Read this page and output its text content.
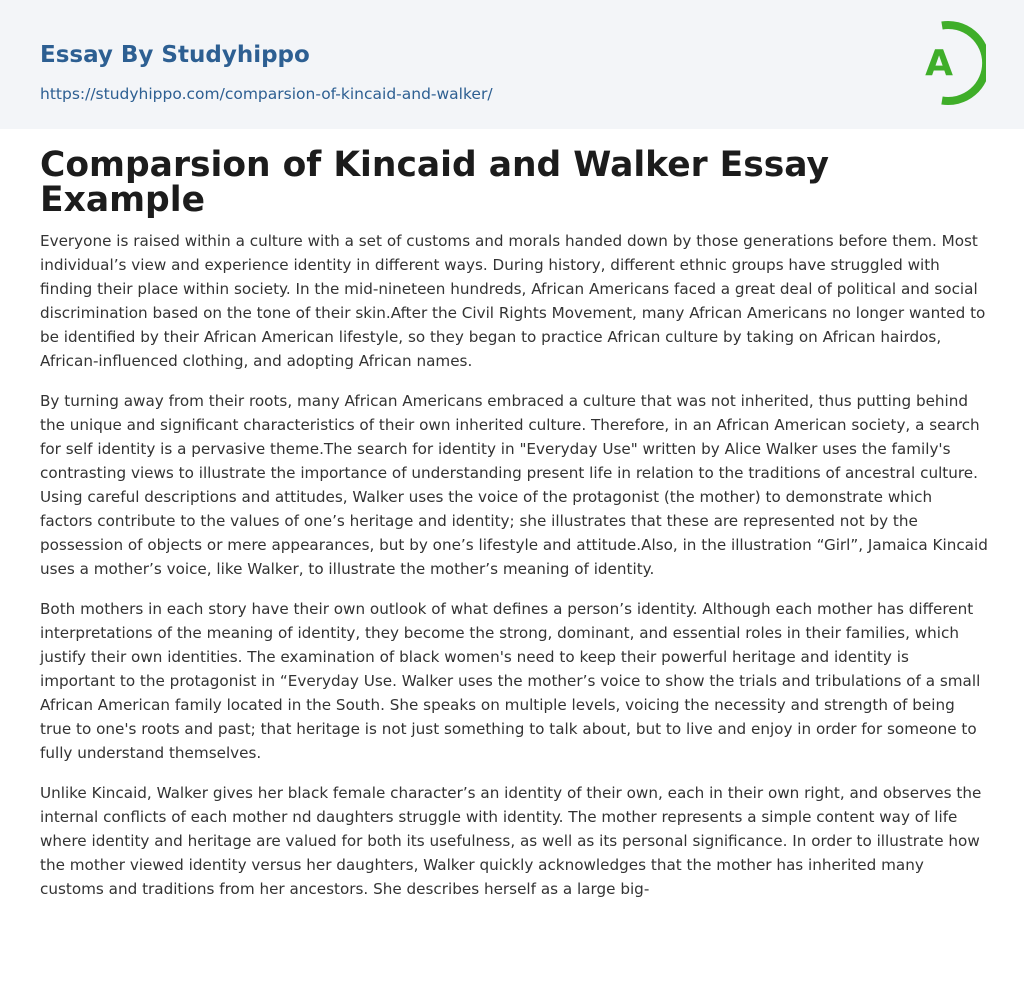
Essay By Studyhippo
https://studyhippo.com/comparsion-of-kincaid-and-walker/
A
Comparsion of Kincaid and Walker Essay Example

Everyone is raised within a culture with a set of customs and morals handed down by those generations before them. Most individual’s view and experience identity in different ways. During history, different ethnic groups have struggled with finding their place within society. In the mid-nineteen hundreds, African Americans faced a great deal of political and social discrimination based on the tone of their skin.After the Civil Rights Movement, many African Americans no longer wanted to be identified by their African American lifestyle, so they began to practice African culture by taking on African hairdos, African-influenced clothing, and adopting African names.

By turning away from their roots, many African Americans embraced a culture that was not inherited, thus putting behind the unique and significant characteristics of their own inherited culture. Therefore, in an African American society, a search for self identity is a pervasive theme.The search for identity in "Everyday Use" written by Alice Walker uses the family's contrasting views to illustrate the importance of understanding present life in relation to the traditions of ancestral culture. Using careful descriptions and attitudes, Walker uses the voice of the protagonist (the mother) to demonstrate which factors contribute to the values of one’s heritage and identity; she illustrates that these are represented not by the possession of objects or mere appearances, but by one’s lifestyle and attitude.Also, in the illustration “Girl”, Jamaica Kincaid uses a mother’s voice, like Walker, to illustrate the mother’s meaning of identity.

Both mothers in each story have their own outlook of what defines a person’s identity. Although each mother has different interpretations of the meaning of identity, they become the strong, dominant, and essential roles in their families, which justify their own identities. The examination of black women's need to keep their powerful heritage and identity is important to the protagonist in “Everyday Use. Walker uses the mother’s voice to show the trials and tribulations of a small African American family located in the South. She speaks on multiple levels, voicing the necessity and strength of being true to one's roots and past; that heritage is not just something to talk about, but to live and enjoy in order for someone to fully understand themselves.

Unlike Kincaid, Walker gives her black female character’s an identity of their own, each in their own right, and observes the internal conflicts of each mother nd daughters struggle with identity. The mother represents a simple content way of life where identity and heritage are valued for both its usefulness, as well as its personal significance. In order to illustrate how the mother viewed identity versus her daughters, Walker quickly acknowledges that the mother has inherited many customs and traditions from her ancestors. She describes herself as a large big-
